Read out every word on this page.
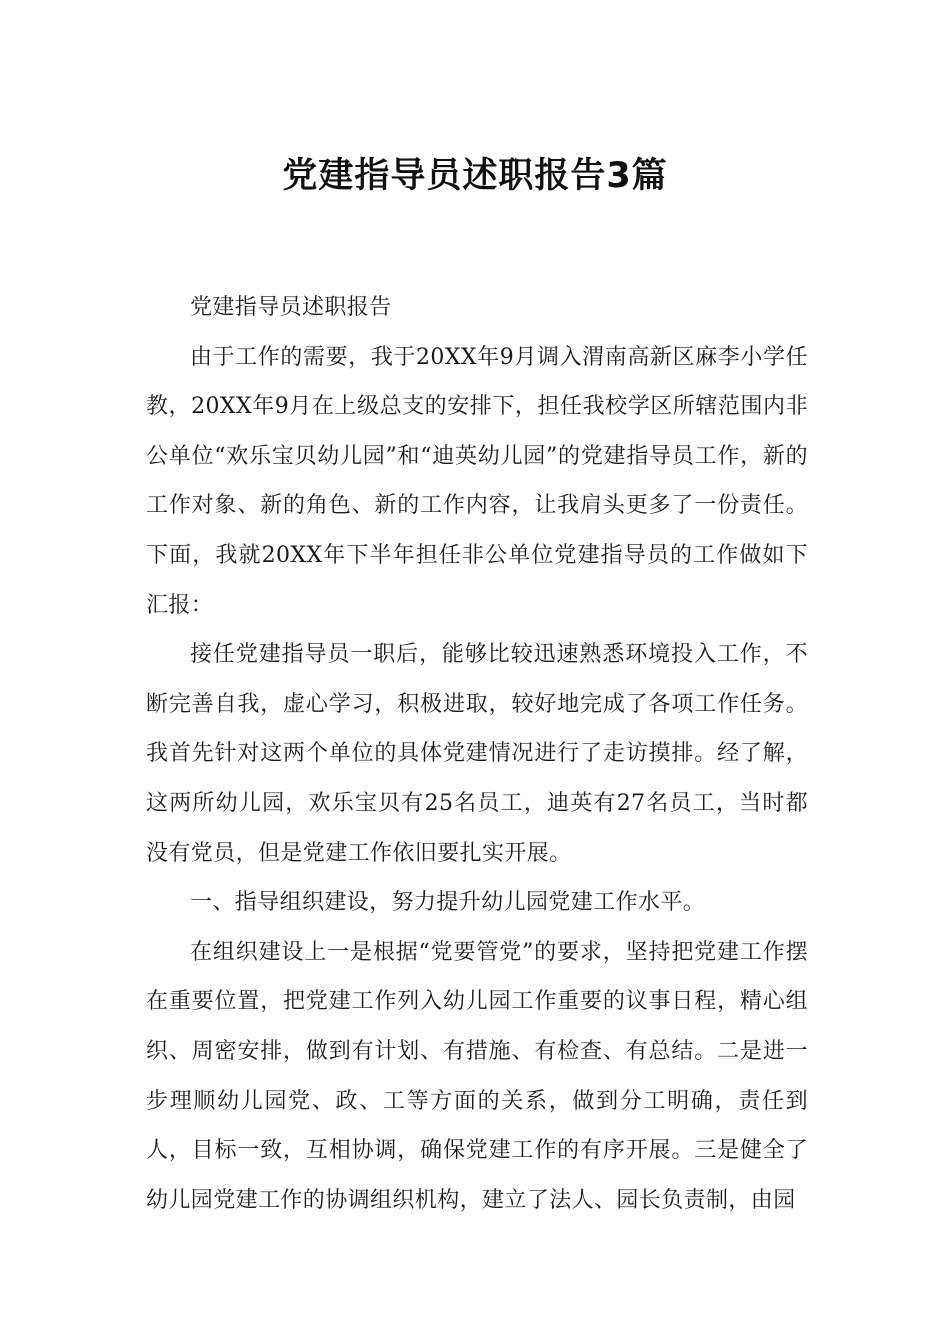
党建指导员述职报告3篇

党建指导员述职报告

由于工作的需要，我于20XX年9月调入渭南高新区麻李小学任教，20XX年9月在上级总支的安排下，担任我校学区所辖范围内非公单位“欢乐宝贝幼儿园”和“迪英幼儿园”的党建指导员工作，新的工作对象、新的角色、新的工作内容，让我肩头更多了一份责任。下面，我就20XX年下半年担任非公单位党建指导员的工作做如下汇报：

接任党建指导员一职后，能够比较迅速熟悉环境投入工作，不断完善自我，虚心学习，积极进取，较好地完成了各项工作任务。我首先针对这两个单位的具体党建情况进行了走访摸排。经了解，这两所幼儿园，欢乐宝贝有25名员工，迪英有27名员工，当时都没有党员，但是党建工作依旧要扎实开展。

一、指导组织建设，努力提升幼儿园党建工作水平。

在组织建设上一是根据“党要管党”的要求，坚持把党建工作摆在重要位置，把党建工作列入幼儿园工作重要的议事日程，精心组织、周密安排，做到有计划、有措施、有检查、有总结。二是进一步理顺幼儿园党、政、工等方面的关系，做到分工明确，责任到人，目标一致，互相协调，确保党建工作的有序开展。三是健全了幼儿园党建工作的协调组织机构，建立了法人、园长负责制，由园
